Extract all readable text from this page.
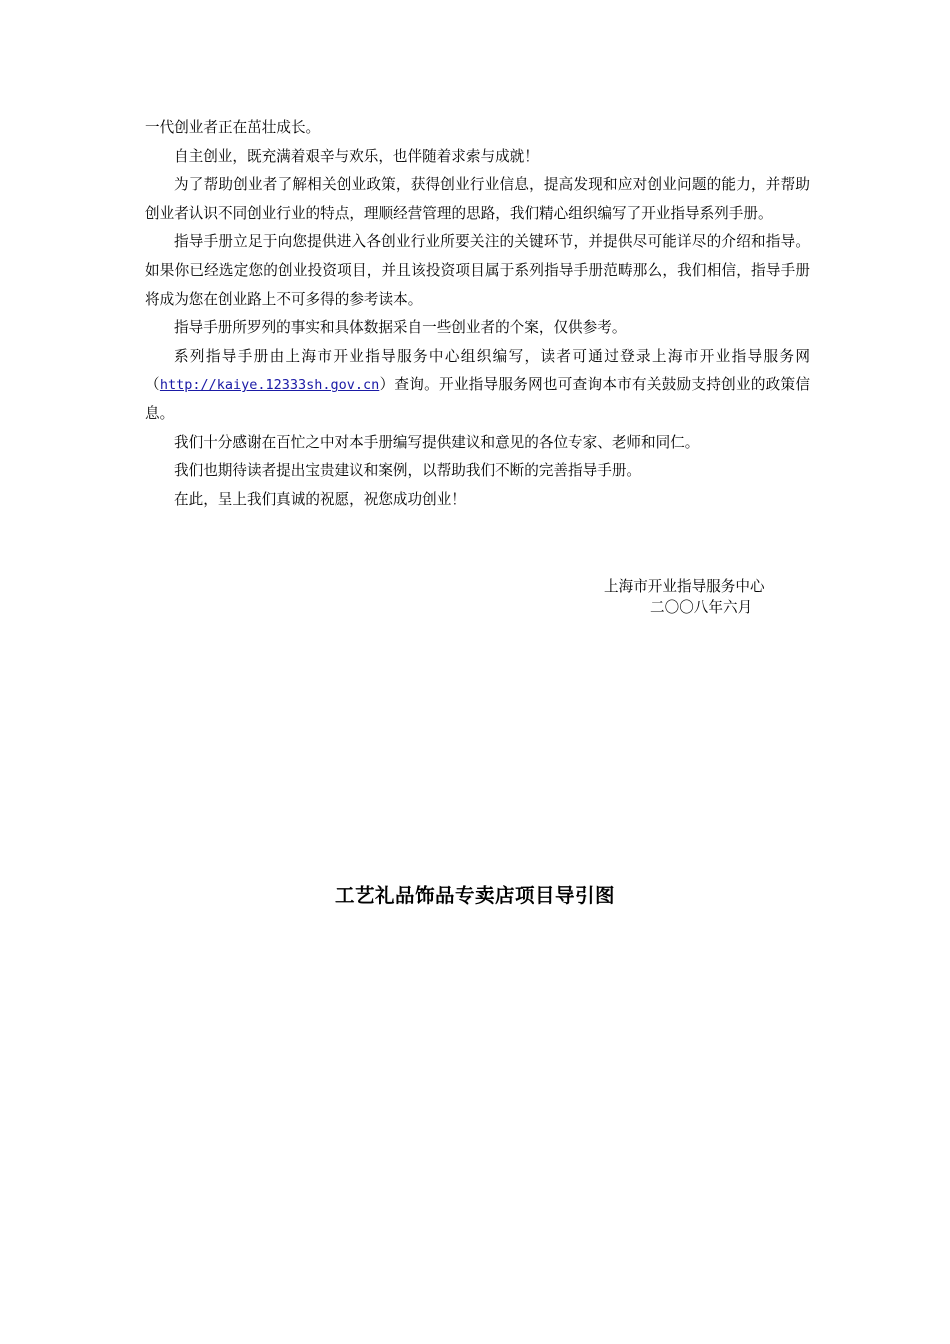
一代创业者正在茁壮成长。

自主创业，既充满着艰辛与欢乐，也伴随着求索与成就！

为了帮助创业者了解相关创业政策，获得创业行业信息，提高发现和应对创业问题的能力，并帮助创业者认识不同创业行业的特点，理顺经营管理的思路，我们精心组织编写了开业指导系列手册。

指导手册立足于向您提供进入各创业行业所要关注的关键环节，并提供尽可能详尽的介绍和指导。如果你已经选定您的创业投资项目，并且该投资项目属于系列指导手册范畴那么，我们相信，指导手册将成为您在创业路上不可多得的参考读本。

指导手册所罗列的事实和具体数据采自一些创业者的个案，仅供参考。

系列指导手册由上海市开业指导服务中心组织编写，读者可通过登录上海市开业指导服务网（http://kaiye.12333sh.gov.cn）查询。开业指导服务网也可查询本市有关鼓励支持创业的政策信息。

我们十分感谢在百忙之中对本手册编写提供建议和意见的各位专家、老师和同仁。

我们也期待读者提出宝贵建议和案例，以帮助我们不断的完善指导手册。

在此，呈上我们真诚的祝愿，祝您成功创业！

上海市开业指导服务中心
二〇〇八年六月
工艺礼品饰品专卖店项目导引图
